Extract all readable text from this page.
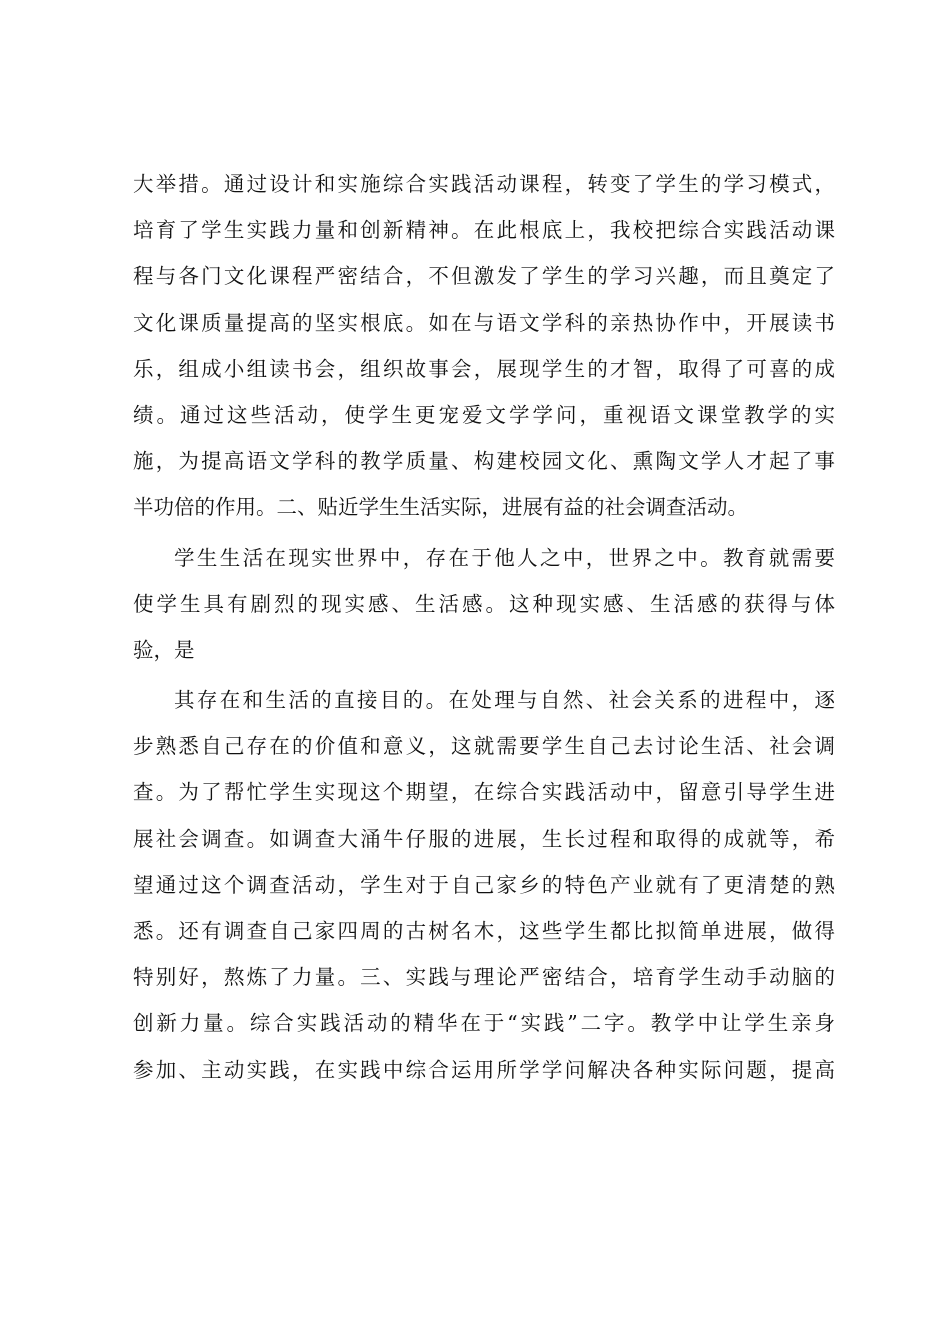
大举措。通过设计和实施综合实践活动课程，转变了学生的学习模式，
培育了学生实践力量和创新精神。在此根底上，我校把综合实践活动课
程与各门文化课程严密结合，不但激发了学生的学习兴趣，而且奠定了
文化课质量提高的坚实根底。如在与语文学科的亲热协作中，开展读书
乐，组成小组读书会，组织故事会，展现学生的才智，取得了可喜的成
绩。通过这些活动，使学生更宠爱文学学问，重视语文课堂教学的实
施，为提高语文学科的教学质量、构建校园文化、熏陶文学人才起了事
半功倍的作用。二、贴近学生生活实际，进展有益的社会调查活动。
学生生活在现实世界中，存在于他人之中，世界之中。教育就需要
使学生具有剧烈的现实感、生活感。这种现实感、生活感的获得与体
验，是
其存在和生活的直接目的。在处理与自然、社会关系的进程中，逐
步熟悉自己存在的价值和意义，这就需要学生自己去讨论生活、社会调
查。为了帮忙学生实现这个期望，在综合实践活动中，留意引导学生进
展社会调查。如调查大涌牛仔服的进展，生长过程和取得的成就等，希
望通过这个调查活动，学生对于自己家乡的特色产业就有了更清楚的熟
悉。还有调查自己家四周的古树名木，这些学生都比拟简单进展，做得
特别好，熬炼了力量。三、实践与理论严密结合，培育学生动手动脑的
创新力量。综合实践活动的精华在于“实践”二字。教学中让学生亲身
参加、主动实践，在实践中综合运用所学学问解决各种实际问题，提高
